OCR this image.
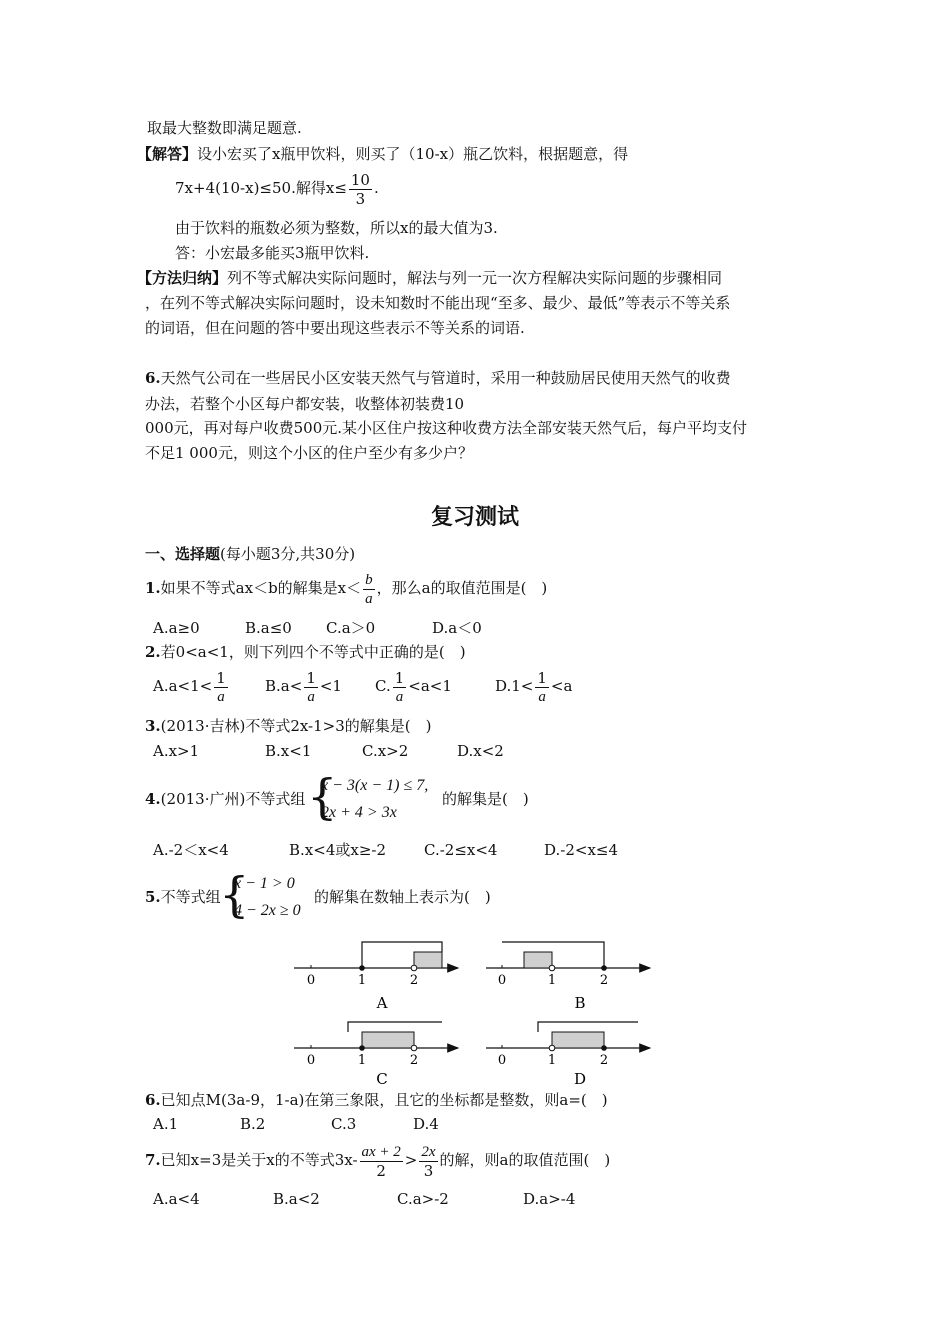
取最大整数即满足题意.
【解答】设小宏买了x瓶甲饮料，则买了（10-x）瓶乙饮料，根据题意，得
7x+4(10-x)≤50.解得$x\le \frac{10}{3}$ .
由于饮料的瓶数必须为整数，所以x的最大值为3.
答：小宏最多能买3瓶甲饮料.
【方法归纳】列不等式解决实际问题时，解法与列一元一次方程解决实际问题的步骤相同
，在列不等式解决实际问题时，设未知数时不能出现“至多、最少、最低”等表示不等关系
的词语，但在问题的答中要出现这些表示不等关系的词语.
6.天然气公司在一些居民小区安装天然气与管道时，采用一种鼓励居民使用天然气的收费
办法，若整个小区每户都安装，收整体初装费10
000元，再对每户收费500元.某小区住户按这种收费方法全部安装天然气后，每户平均支付
不足1 000元，则这个小区的住户至少有多少户？
复习测试
一、选择题(每小题3分,共30分)
1.如果不等式ax＜b的解集是$x< \frac{b}{a}$ ，那么a的取值范围是(　)
A.a≥0	B.a≤0 C.a＞0	D.a＜0
2.若0<a<1，则下列四个不等式中正确的是(　)
$A.a<1< \frac{1}{a} B.a< \frac{1}{a} <1$ C. $\frac{1}{a} <a<1$	$D.1< \frac{1}{a} <a$
3.(2013·吉林)不等式2x-1>3的解集是(　)
A.x>1	B.x<1	C.x>2	D.x<2
4.(2013·广州)不等式组 {
x − 3(x − 1) ≤ 7,
2x + 4 > 3x
的解集是(　)
A.-2＜x<4	B.x<4或x≥-2	C.-2≤x<4	D.-2<x≤4
5.不等式组
{
x − 1 > 0
4 − 2x ≥ 0
的解集在数轴上表示为(　)
0	1	2
A
0	1	2
B
0	1	2
C
0	1	2
D
6.已知点M(3a-9，1-a)在第三象限，且它的坐标都是整数，则a=(　)
A.1	B.2	C.3	D.4
7.已知x=3是关于x的不等式$3x- \frac{ax + 2}{2} > \frac{2x}{3}$ 的解，则a的取值范围(　)
A.a<4	B.a<2	C.a>-2	D.a>-4
